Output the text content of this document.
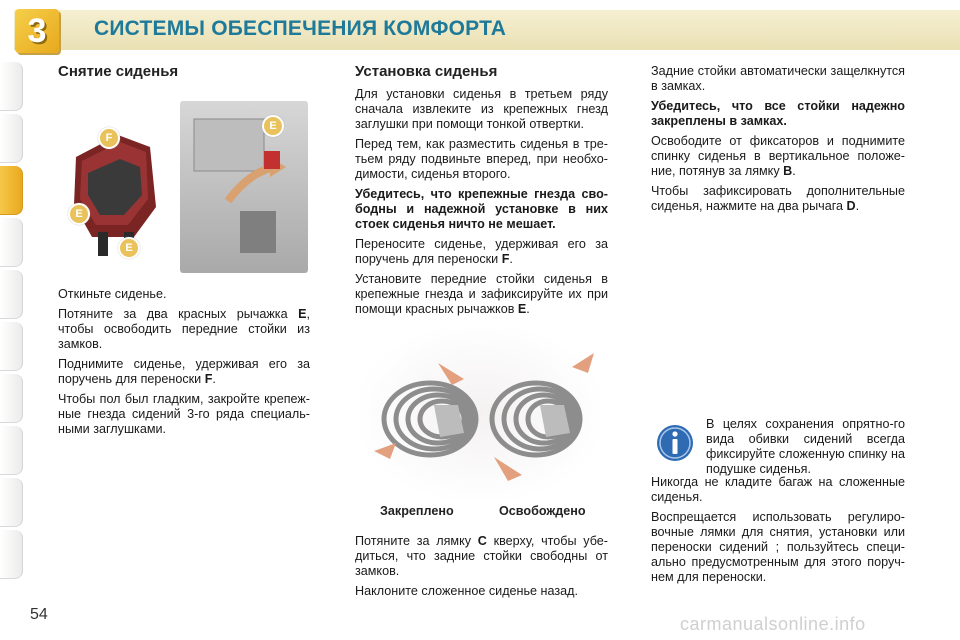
3 СИСТЕМЫ ОБЕСПЕЧЕНИЯ КОМФОРТА
Снятие сиденья
F
E
E
E

Откиньте сиденье.

Потяните за два красных рычажка E, чтобы освободить передние стойки из замков.

Поднимите сиденье, удерживая его за поручень для переноски F.

Чтобы пол был гладким, закройте крепеж-ные гнезда сидений 3-го ряда специаль-ными заглушками.

Установка сиденья

Для установки сиденья в третьем ряду сначала извлеките из крепежных гнезд заглушки при помощи тонкой отвертки.

Перед тем, как разместить сиденья в тре-тьем ряду подвиньте вперед, при необхо-димости, сиденья второго.

Убедитесь, что крепежные гнезда сво-бодны и надежной установке в них стоек сиденья ничто не мешает.

Переносите сиденье, удерживая его за поручень для переноски F.

Установите передние стойки сиденья в крепежные гнезда и зафиксируйте их при помощи красных рычажков E.

Закреплено	Освобождено

Потяните за лямку C кверху, чтобы убе-диться, что задние стойки свободны от замков.

Наклоните сложенное сиденье назад.

Задние стойки автоматически защелкнутся в замках.

Убедитесь, что все стойки надежно закреплены в замках.

Освободите от фиксаторов и поднимите спинку сиденья в вертикальное положе-ние, потянув за лямку B.

Чтобы зафиксировать дополнительные сиденья, нажмите на два рычага D.

В целях сохранения опрятно-го вида обивки сидений всегда фиксируйте сложенную спинку на подушке сиденья.

Никогда не кладите багаж на сложенные сиденья.

Воспрещается использовать регулиро-вочные лямки для снятия, установки или переноски сидений ; пользуйтесь специ-ально предусмотренным для этого поруч-нем для переноски.

54	carmanualsonline.info
